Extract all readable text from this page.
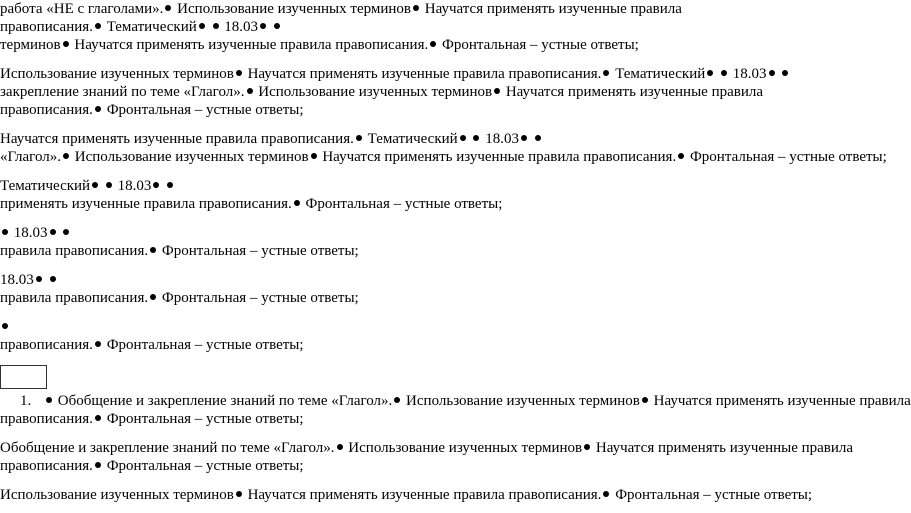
работа «НЕ с глаголами». Использование изученных терминов Научатся применять изученные правила
правописания. Тематический 18.03
терминов Научатся применять изученные правила правописания. Фронтальная – устные ответы;
Использование изученных терминов Научатся применять изученные правила правописания. Тематический 18.03
закрепление знаний по теме «Глагол». Использование изученных терминов Научатся применять изученные правила
правописания. Фронтальная – устные ответы;
Научатся применять изученные правила правописания. Тематический 18.03
«Глагол». Использование изученных терминов Научатся применять изученные правила правописания. Фронтальная – устные ответы;
Тематический 18.03
применять изученные правила правописания. Фронтальная – устные ответы;
18.03
правила правописания. Фронтальная – устные ответы;
18.03
правила правописания. Фронтальная – устные ответы;
правописания. Фронтальная – устные ответы;
1.	Обобщение и закрепление знаний по теме «Глагол». Использование изученных терминов Научатся применять изученные правила
правописания. Фронтальная – устные ответы;
Обобщение и закрепление знаний по теме «Глагол». Использование изученных терминов Научатся применять изученные правила
правописания. Фронтальная – устные ответы;
Использование изученных терминов Научатся применять изученные правила правописания. Фронтальная – устные ответы;
